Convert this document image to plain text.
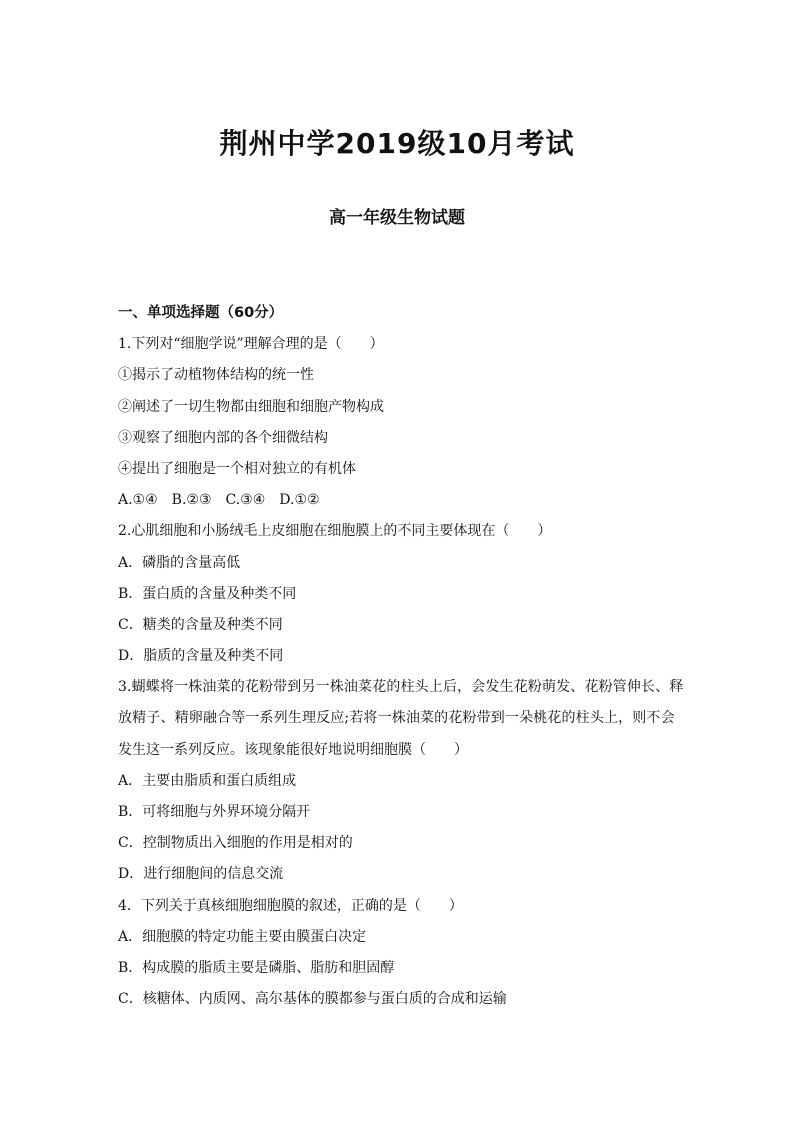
荆州中学2019级10月考试
高一年级生物试题
一、单项选择题（60分）
1.下列对“细胞学说”理解合理的是（　　）
①揭示了动植物体结构的统一性
②阐述了一切生物都由细胞和细胞产物构成
③观察了细胞内部的各个细微结构
④提出了细胞是一个相对独立的有机体
A.①④　B.②③　C.③④　D.①②
2.心肌细胞和小肠绒毛上皮细胞在细胞膜上的不同主要体现在（　　）
A．磷脂的含量高低
B．蛋白质的含量及种类不同
C．糖类的含量及种类不同
D．脂质的含量及种类不同
3.蝴蝶将一株油菜的花粉带到另一株油菜花的柱头上后，会发生花粉萌发、花粉管伸长、释
放精子、精卵融合等一系列生理反应;若将一株油菜的花粉带到一朵桃花的柱头上，则不会
发生这一系列反应。该现象能很好地说明细胞膜（　　）
A．主要由脂质和蛋白质组成
B．可将细胞与外界环境分隔开
C．控制物质出入细胞的作用是相对的
D．进行细胞间的信息交流
4．下列关于真核细胞细胞膜的叙述，正确的是（　　）
A．细胞膜的特定功能主要由膜蛋白决定
B．构成膜的脂质主要是磷脂、脂肪和胆固醇
C．核糖体、内质网、高尔基体的膜都参与蛋白质的合成和运输
